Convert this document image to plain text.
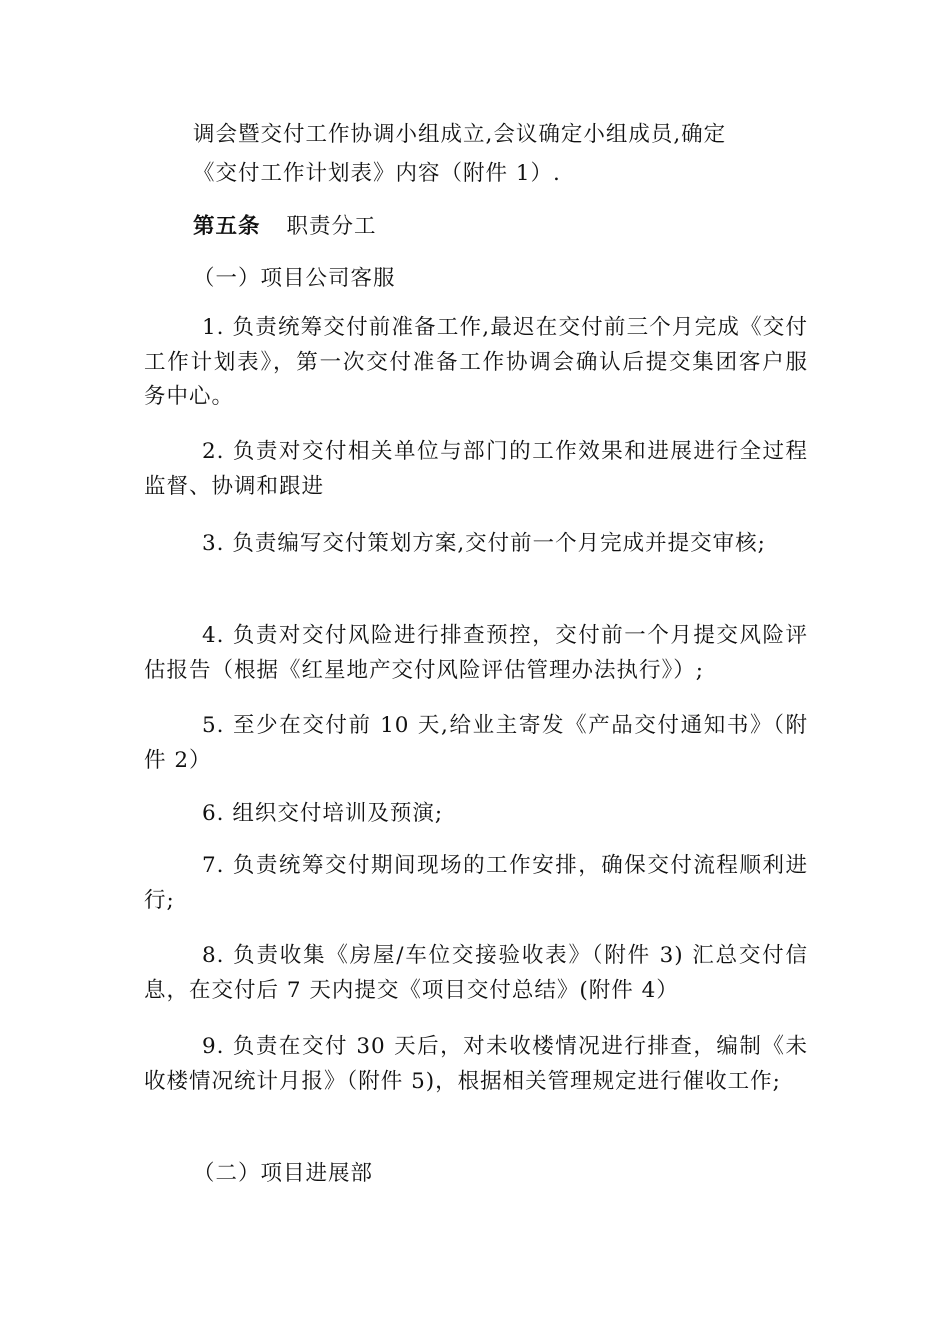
调会暨交付工作协调小组成立,会议确定小组成员,确定

《交付工作计划表》内容（附件 1）.

第五条 职责分工

（一）项目公司客服

1. 负责统筹交付前准备工作,最迟在交付前三个月完成《交付工作计划表》，第一次交付准备工作协调会确认后提交集团客户服务中心。

2. 负责对交付相关单位与部门的工作效果和进展进行全过程监督、协调和跟进

3. 负责编写交付策划方案,交付前一个月完成并提交审核;

4. 负责对交付风险进行排查预控，交付前一个月提交风险评估报告（根据《红星地产交付风险评估管理办法执行》）;

5. 至少在交付前 10 天,给业主寄发《产品交付通知书》（附件 2）

6. 组织交付培训及预演;

7. 负责统筹交付期间现场的工作安排，确保交付流程顺利进行;

8. 负责收集《房屋/车位交接验收表》（附件 3) 汇总交付信息，在交付后 7 天内提交《项目交付总结》(附件 4）

9. 负责在交付 30 天后，对未收楼情况进行排查，编制《未收楼情况统计月报》（附件 5)，根据相关管理规定进行催收工作;

（二）项目进展部
